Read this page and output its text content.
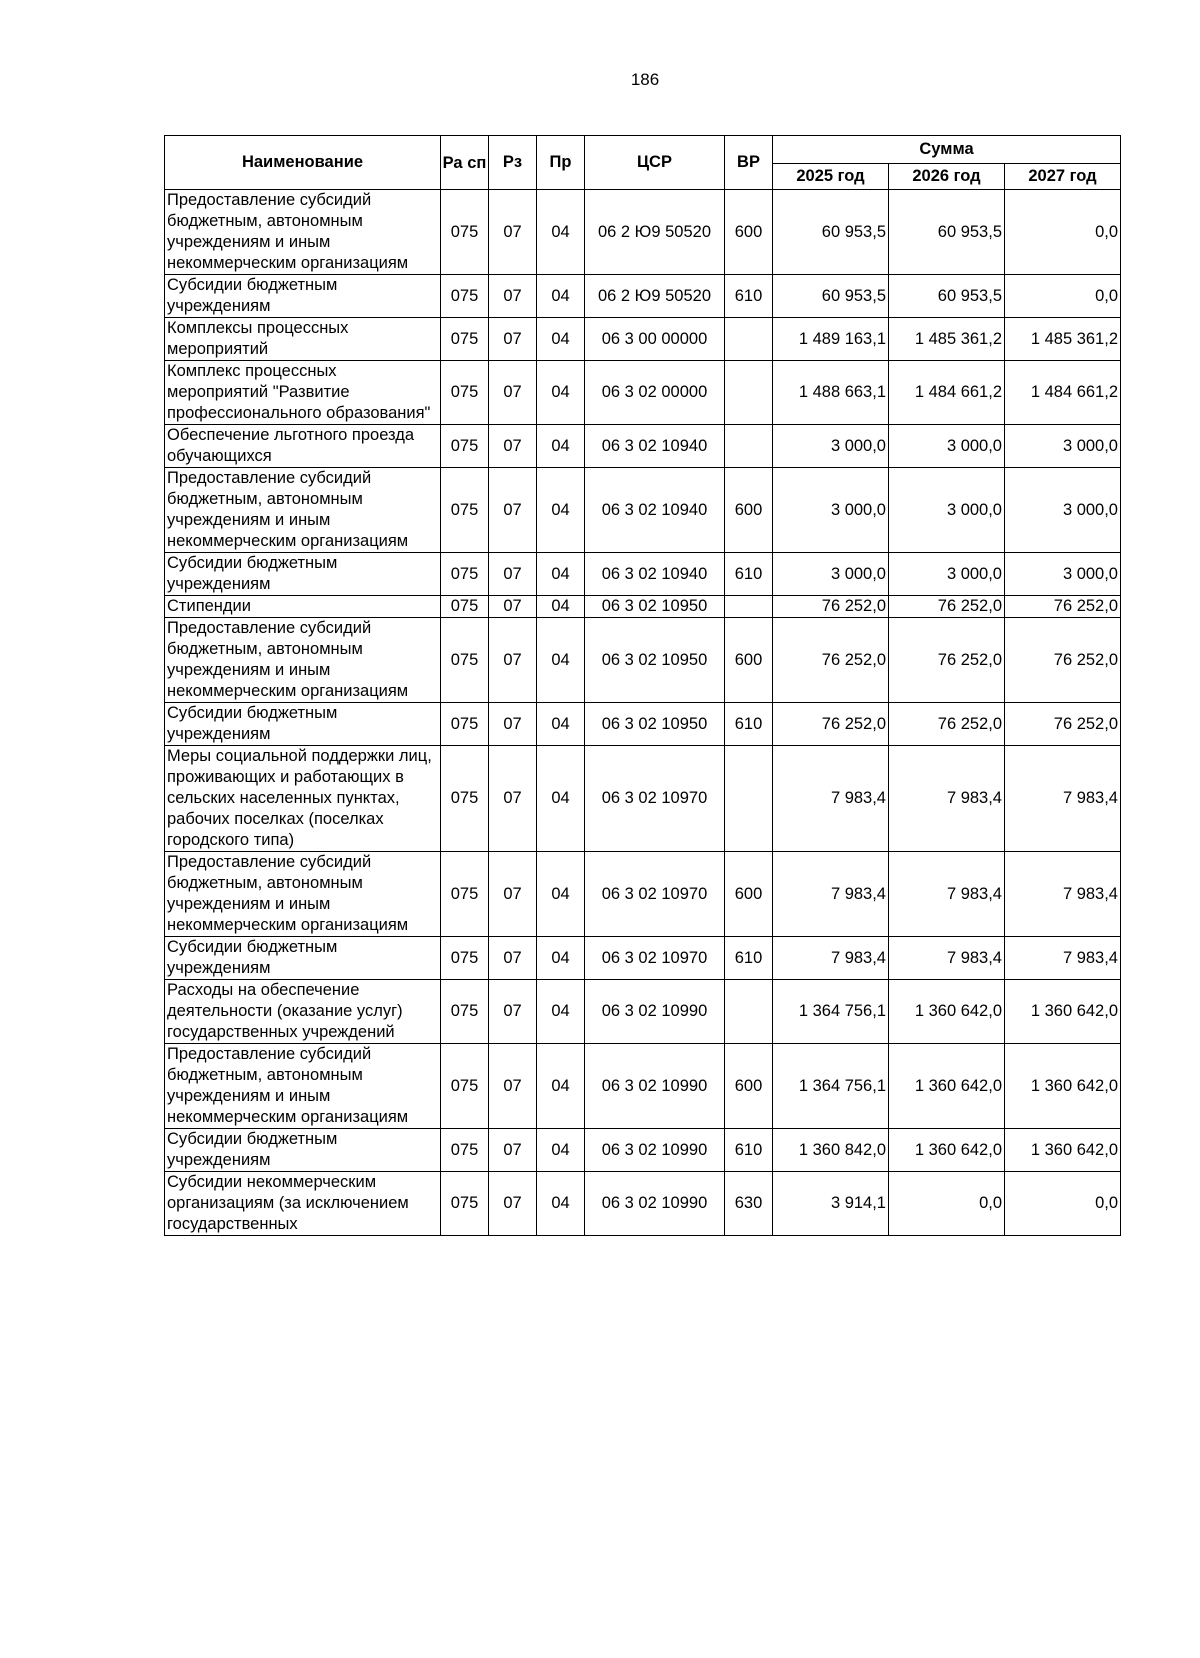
186
Наименование	Ра сп	Рз	Пр	ЦСР	ВР	Сумма		
						2025 год	2026 год	2027 год
Предоставление субсидий бюджетным, автономным учреждениям и иным некоммерческим организациям	075	07	04	06 2 Ю9 50520	600	60 953,5	60 953,5	0,0
Субсидии бюджетным учреждениям	075	07	04	06 2 Ю9 50520	610	60 953,5	60 953,5	0,0
Комплексы процессных мероприятий	075	07	04	06 3 00 00000		1 489 163,1	1 485 361,2	1 485 361,2
Комплекс процессных мероприятий "Развитие профессионального образования"	075	07	04	06 3 02 00000		1 488 663,1	1 484 661,2	1 484 661,2
Обеспечение льготного проезда обучающихся	075	07	04	06 3 02 10940		3 000,0	3 000,0	3 000,0
Предоставление субсидий бюджетным, автономным учреждениям и иным некоммерческим организациям	075	07	04	06 3 02 10940	600	3 000,0	3 000,0	3 000,0
Субсидии бюджетным учреждениям	075	07	04	06 3 02 10940	610	3 000,0	3 000,0	3 000,0
Стипендии	075	07	04	06 3 02 10950		76 252,0	76 252,0	76 252,0
Предоставление субсидий бюджетным, автономным учреждениям и иным некоммерческим организациям	075	07	04	06 3 02 10950	600	76 252,0	76 252,0	76 252,0
Субсидии бюджетным учреждениям	075	07	04	06 3 02 10950	610	76 252,0	76 252,0	76 252,0
Меры социальной поддержки лиц, проживающих и работающих в сельских населенных пунктах, рабочих поселках (поселках городского типа)	075	07	04	06 3 02 10970		7 983,4	7 983,4	7 983,4
Предоставление субсидий бюджетным, автономным учреждениям и иным некоммерческим организациям	075	07	04	06 3 02 10970	600	7 983,4	7 983,4	7 983,4
Субсидии бюджетным учреждениям	075	07	04	06 3 02 10970	610	7 983,4	7 983,4	7 983,4
Расходы на обеспечение деятельности (оказание услуг) государственных учреждений	075	07	04	06 3 02 10990		1 364 756,1	1 360 642,0	1 360 642,0
Предоставление субсидий бюджетным, автономным учреждениям и иным некоммерческим организациям	075	07	04	06 3 02 10990	600	1 364 756,1	1 360 642,0	1 360 642,0
Субсидии бюджетным учреждениям	075	07	04	06 3 02 10990	610	1 360 842,0	1 360 642,0	1 360 642,0
Субсидии некоммерческим организациям (за исключением государственных	075	07	04	06 3 02 10990	630	3 914,1	0,0	0,0
